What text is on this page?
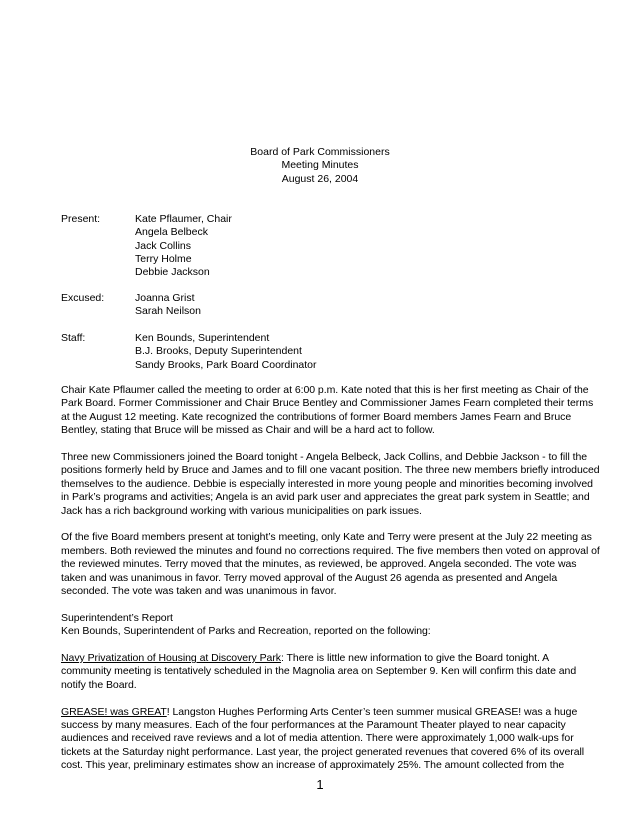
Board of Park Commissioners
Meeting Minutes
August 26, 2004
Present:	Kate Pflaumer, Chair
Angela Belbeck
Jack Collins
Terry Holme
Debbie Jackson
Excused:	Joanna Grist
Sarah Neilson
Staff:	Ken Bounds, Superintendent
B.J. Brooks, Deputy Superintendent
Sandy Brooks, Park Board Coordinator

Chair Kate Pflaumer called the meeting to order at 6:00 p.m. Kate noted that this is her first meeting as Chair of the Park Board. Former Commissioner and Chair Bruce Bentley and Commissioner James Fearn completed their terms at the August 12 meeting. Kate recognized the contributions of former Board members James Fearn and Bruce Bentley, stating that Bruce will be missed as Chair and will be a hard act to follow.

Three new Commissioners joined the Board tonight - Angela Belbeck, Jack Collins, and Debbie Jackson - to fill the positions formerly held by Bruce and James and to fill one vacant position. The three new members briefly introduced themselves to the audience. Debbie is especially interested in more young people and minorities becoming involved in Park’s programs and activities; Angela is an avid park user and appreciates the great park system in Seattle; and Jack has a rich background working with various municipalities on park issues.

Of the five Board members present at tonight’s meeting, only Kate and Terry were present at the July 22 meeting as members. Both reviewed the minutes and found no corrections required. The five members then voted on approval of the reviewed minutes. Terry moved that the minutes, as reviewed, be approved. Angela seconded. The vote was taken and was unanimous in favor. Terry moved approval of the August 26 agenda as presented and Angela seconded. The vote was taken and was unanimous in favor.

Superintendent’s Report
Ken Bounds, Superintendent of Parks and Recreation, reported on the following:

Navy Privatization of Housing at Discovery Park: There is little new information to give the Board tonight. A community meeting is tentatively scheduled in the Magnolia area on September 9. Ken will confirm this date and notify the Board.

GREASE! was GREAT! Langston Hughes Performing Arts Center’s teen summer musical GREASE! was a huge success by many measures. Each of the four performances at the Paramount Theater played to near capacity audiences and received rave reviews and a lot of media attention. There were approximately 1,000 walk-ups for tickets at the Saturday night performance. Last year, the project generated revenues that covered 6% of its overall cost. This year, preliminary estimates show an increase of approximately 25%. The amount collected from the

1
